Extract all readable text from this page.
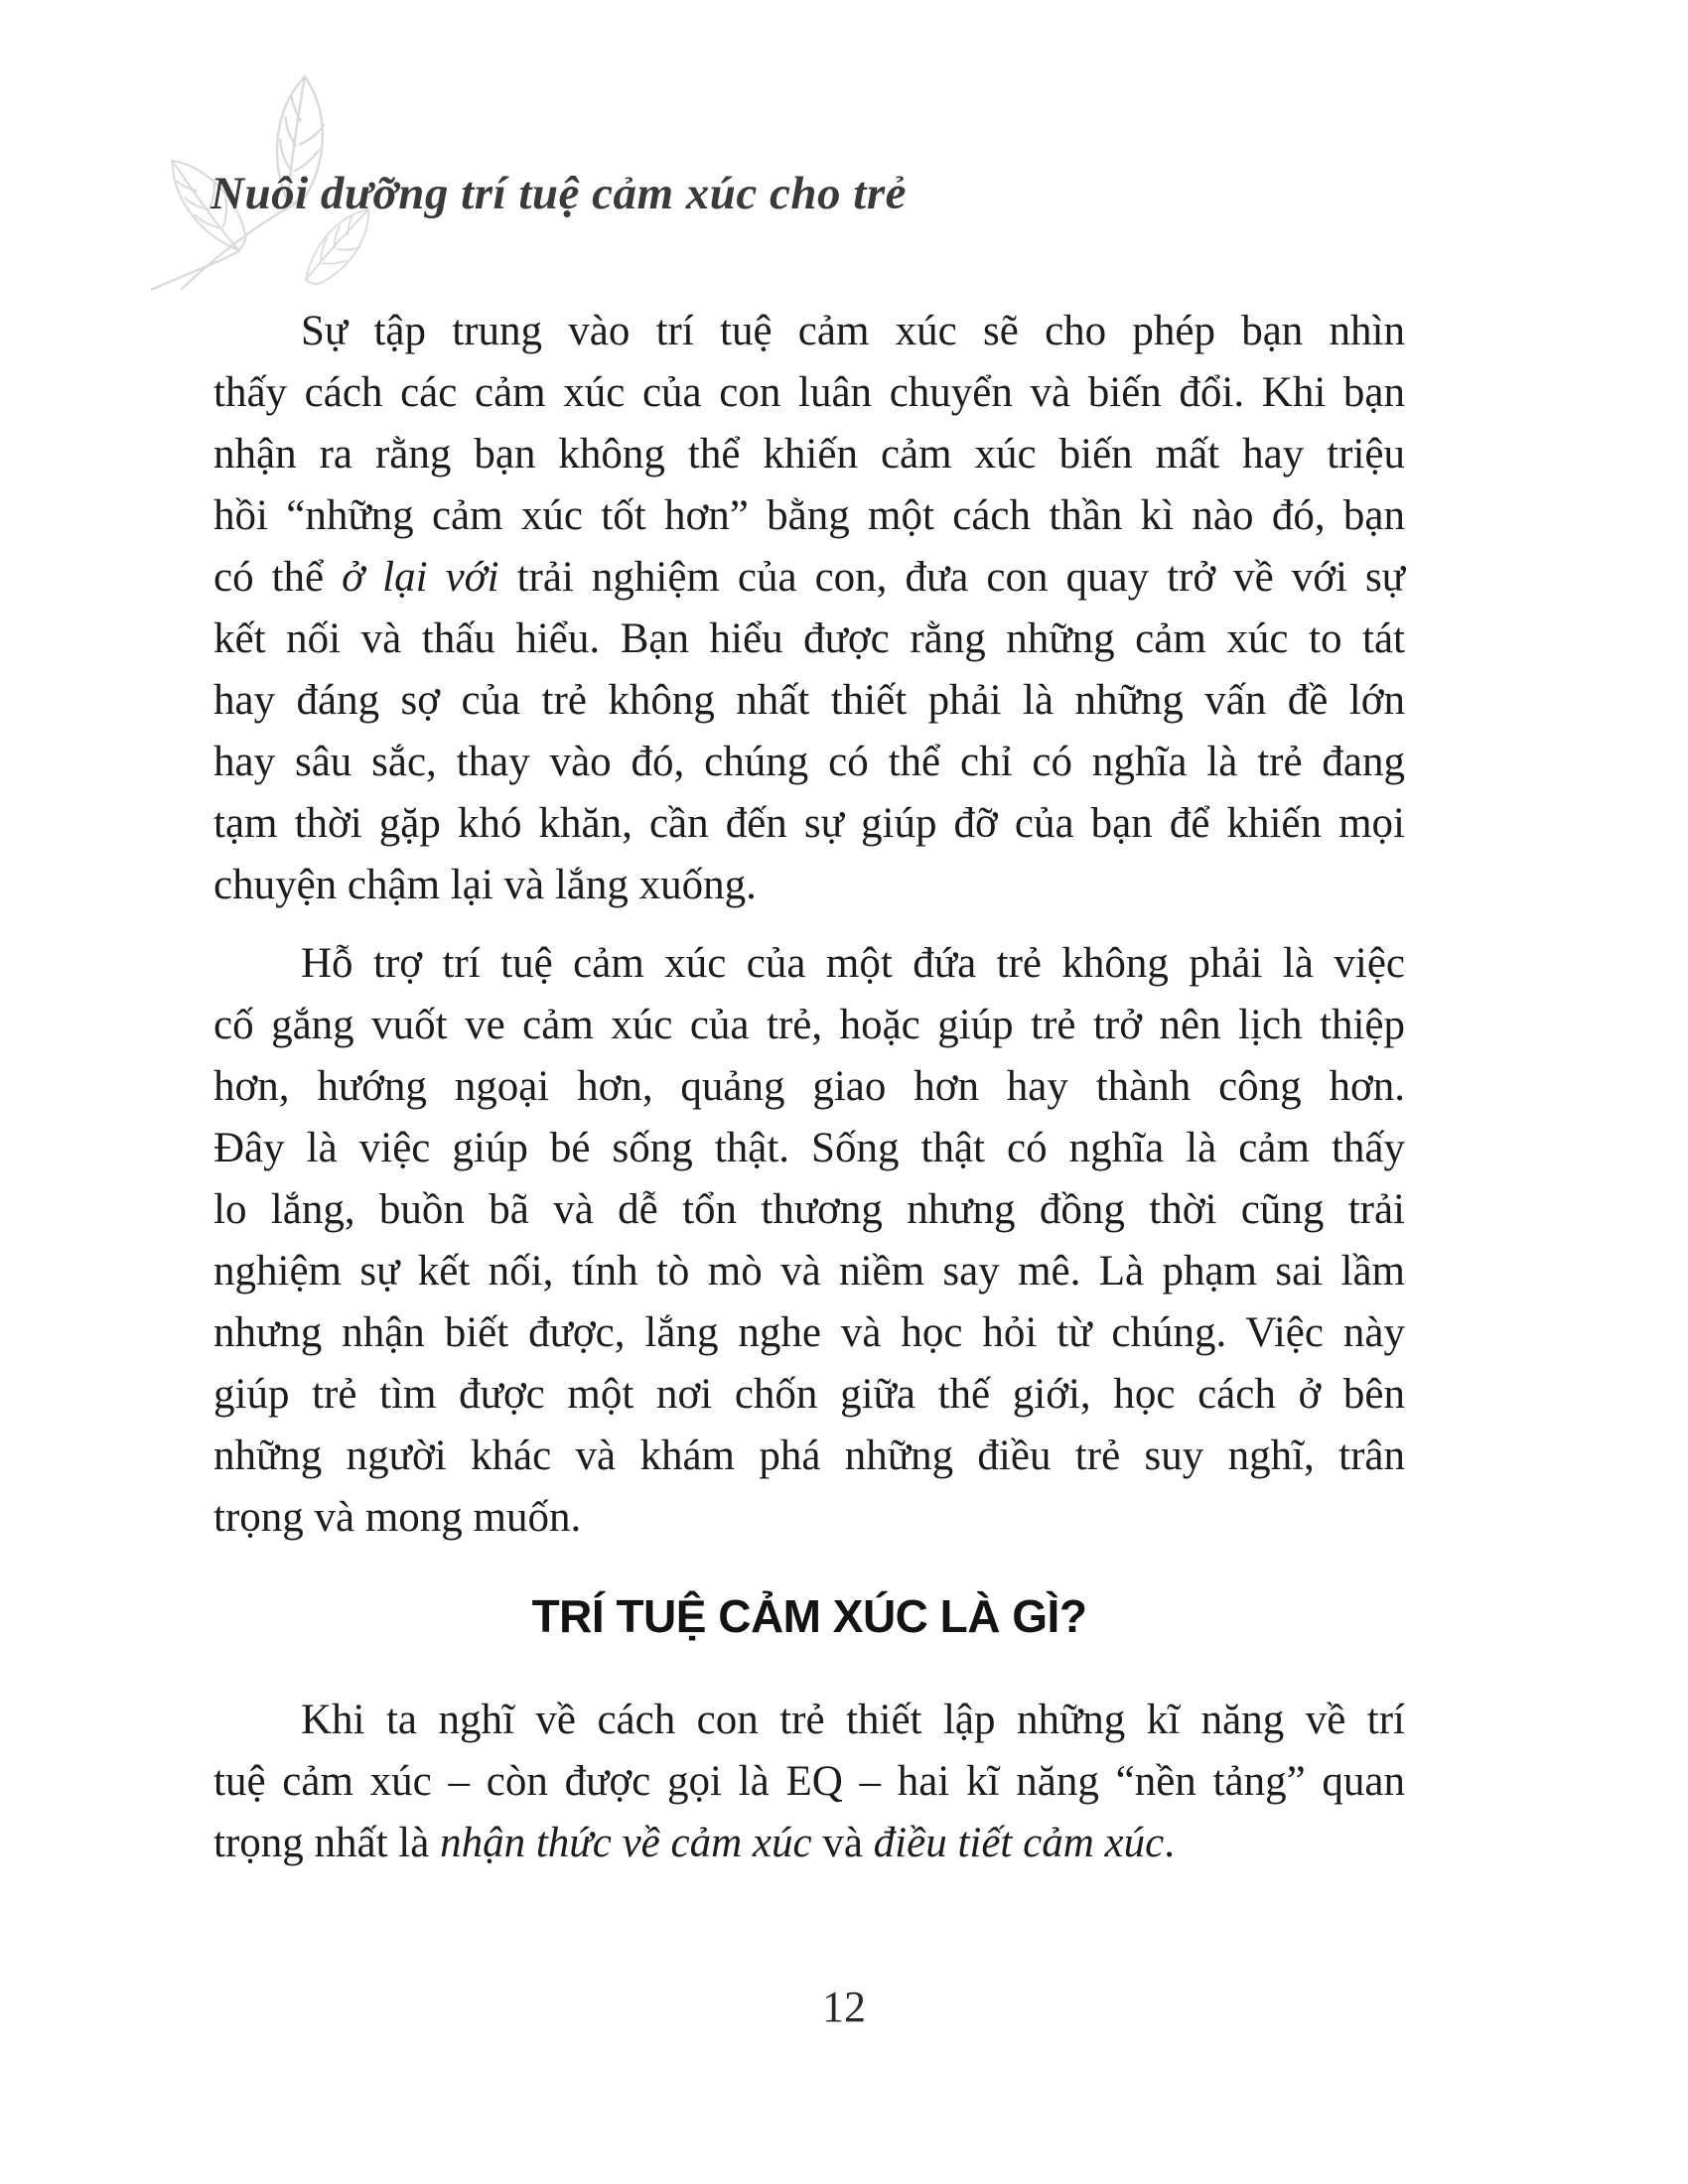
Nuôi dưỡng trí tuệ cảm xúc cho trẻ
Sự tập trung vào trí tuệ cảm xúc sẽ cho phép bạn nhìn
thấy cách các cảm xúc của con luân chuyển và biến đổi. Khi bạn
nhận ra rằng bạn không thể khiến cảm xúc biến mất hay triệu
hồi “những cảm xúc tốt hơn” bằng một cách thần kì nào đó, bạn
có thể ở lại với trải nghiệm của con, đưa con quay trở về với sự
kết nối và thấu hiểu. Bạn hiểu được rằng những cảm xúc to tát
hay đáng sợ của trẻ không nhất thiết phải là những vấn đề lớn
hay sâu sắc, thay vào đó, chúng có thể chỉ có nghĩa là trẻ đang
tạm thời gặp khó khăn, cần đến sự giúp đỡ của bạn để khiến mọi
chuyện chậm lại và lắng xuống.
Hỗ trợ trí tuệ cảm xúc của một đứa trẻ không phải là việc
cố gắng vuốt ve cảm xúc của trẻ, hoặc giúp trẻ trở nên lịch thiệp
hơn, hướng ngoại hơn, quảng giao hơn hay thành công hơn.
Đây là việc giúp bé sống thật. Sống thật có nghĩa là cảm thấy
lo lắng, buồn bã và dễ tổn thương nhưng đồng thời cũng trải
nghiệm sự kết nối, tính tò mò và niềm say mê. Là phạm sai lầm
nhưng nhận biết được, lắng nghe và học hỏi từ chúng. Việc này
giúp trẻ tìm được một nơi chốn giữa thế giới, học cách ở bên
những người khác và khám phá những điều trẻ suy nghĩ, trân
trọng và mong muốn.
TRÍ TUỆ CẢM XÚC LÀ GÌ?
Khi ta nghĩ về cách con trẻ thiết lập những kĩ năng về trí
tuệ cảm xúc – còn được gọi là EQ – hai kĩ năng “nền tảng” quan
trọng nhất là nhận thức về cảm xúc và điều tiết cảm xúc.
12
